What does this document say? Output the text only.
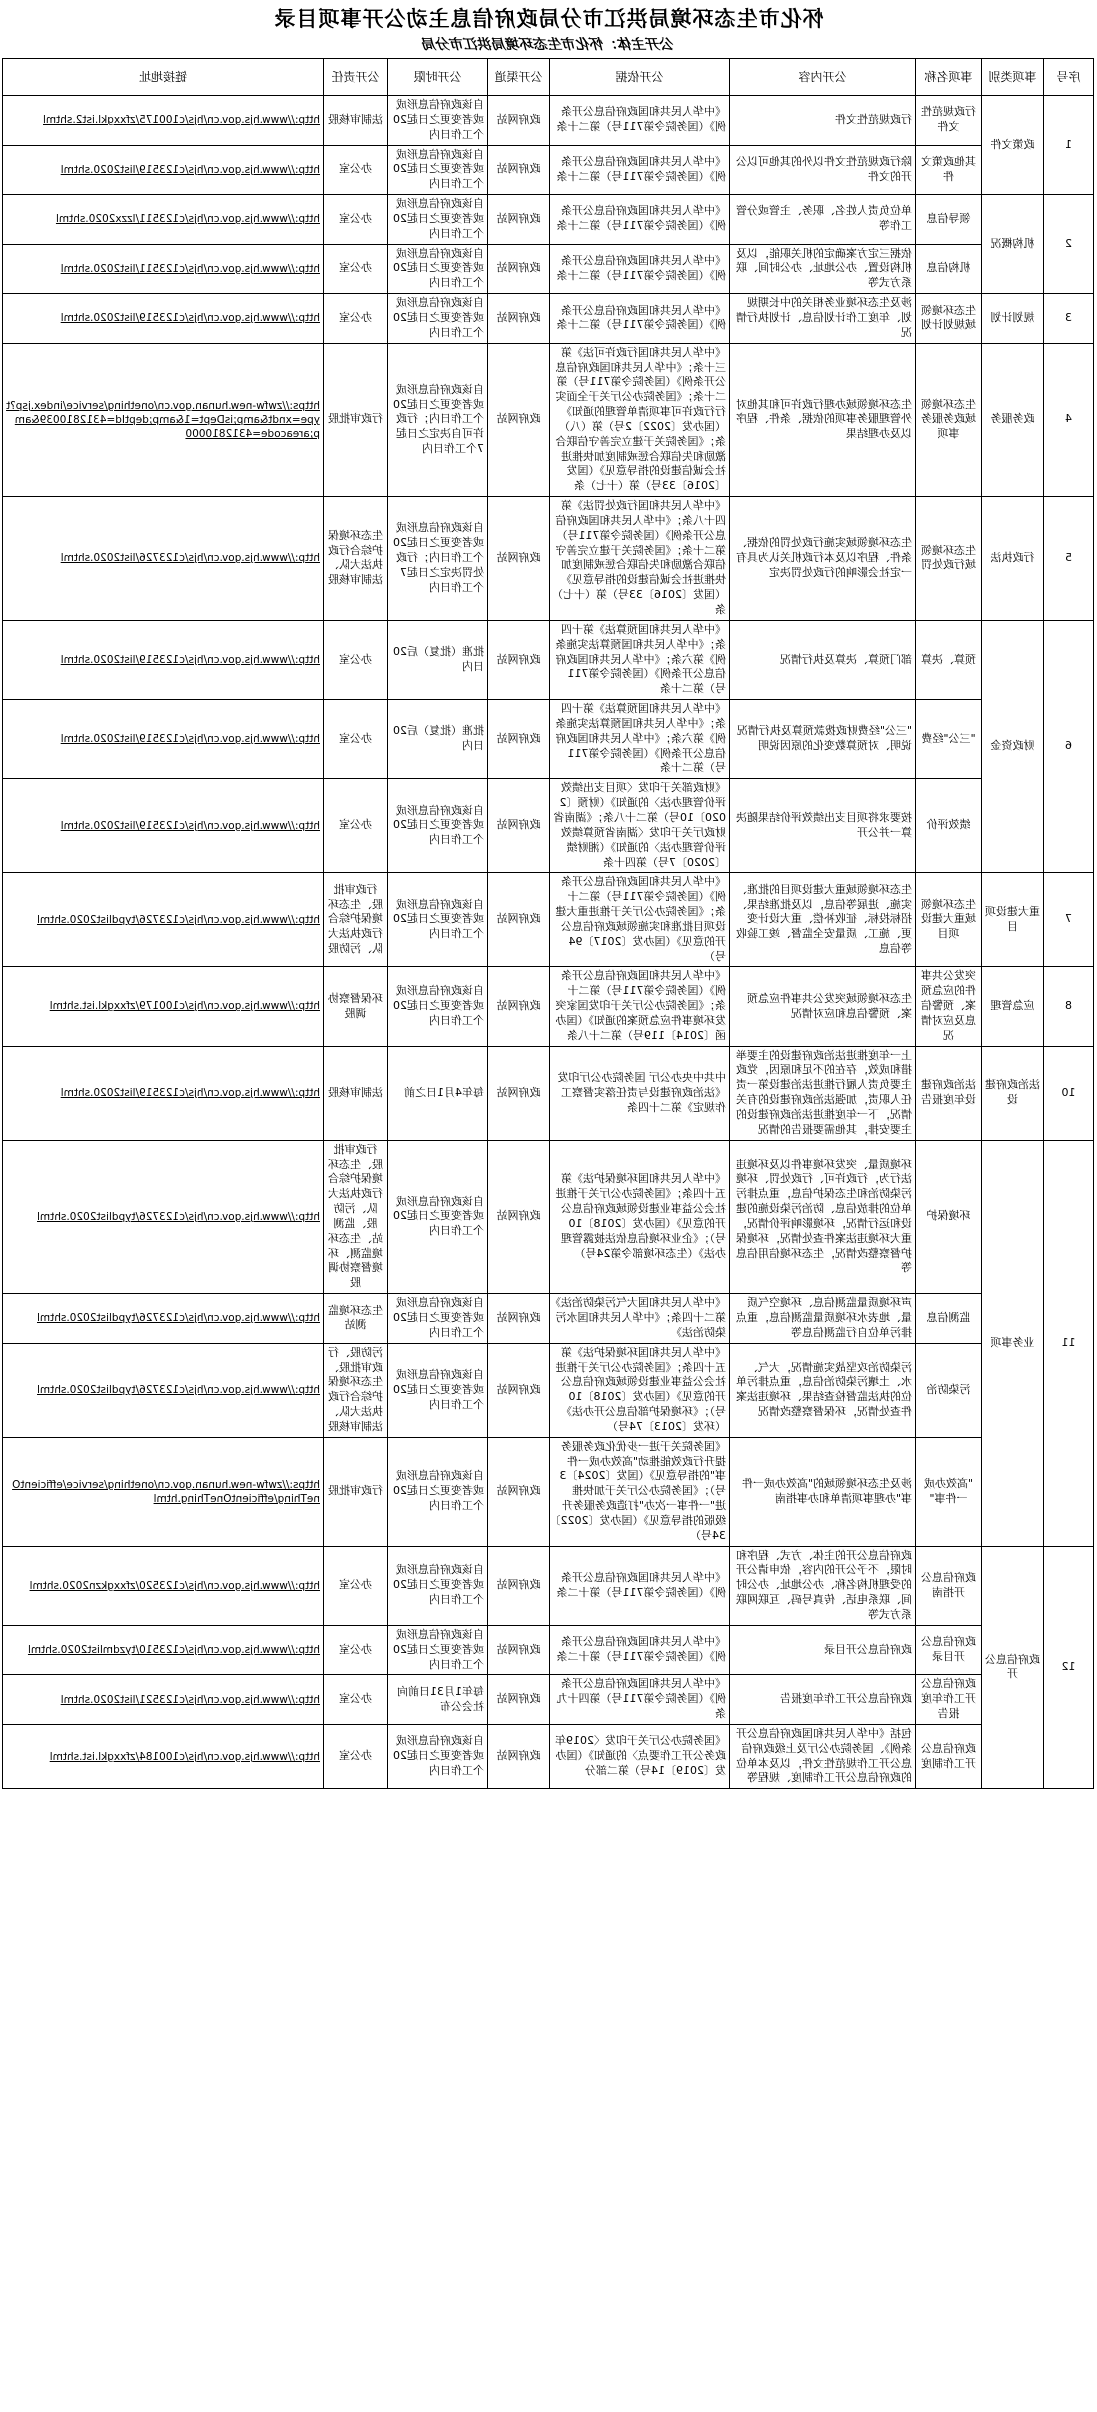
怀化市生态环境局洪江市分局政府信息主动公开事项目录
公开主体：怀化市生态环境局洪江市分局
序号	事项类别	事项名称	公开内容	公开依据	公开渠道	公开时限	公开责任	链接地址
1	政策文件	行政规范性文件	行政规范性文件	《中华人民共和国政府信息公开条例》（国务院令第711号）第二十条	政府网站	自该政府信息形成或者变更之日起20个工作日内	法制审核股	http://www.hjs.gov.cn/hjs/c100175/zfxxgkl.ist2.shtml
		其他政策文件	除行政规范性文件以外的其他可以公开的文件	《中华人民共和国政府信息公开条例》（国务院令第711号）第二十条	政府网站	自该政府信息形成或者变更之日起20个工作日内	办公室	http://www.hjs.gov.cn/hjs/c123519/list2020.shtml
2	机构概况	领导信息	单位负责人姓名、职务、主管或分管工作等	《中华人民共和国政府信息公开条例》（国务院令第711号）第二十条	政府网站	自该政府信息形成或者变更之日起20个工作日内	办公室	http://www.hjs.gov.cn/hjs/c123511/lzzx2020.shtml
		机构信息	依据三定方案确定的机关职能，以及机构设置、办公地址、办公时间、联系方式等	《中华人民共和国政府信息公开条例》（国务院令第711号）第二十条	政府网站	自该政府信息形成或者变更之日起20个工作日内	办公室	http://www.hjs.gov.cn/hjs/c123511/list2020.shtml
3	规划计划	生态环境领域规划计划	涉及生态环境业务相关的中长期规划、年度工作计划信息、计划执行情况	《中华人民共和国政府信息公开条例》（国务院令第711号）第二十条	政府网站	自该政府信息形成或者变更之日起20个工作日内	办公室	http://www.hjs.gov.cn/hjs/c123519/list2020.shtml
4	政务服务	生态环境领域政务服务事项	生态环境领域办理行政许可和其他对外管理服务事项的依据、条件、程序以及办理结果	《中华人民共和国行政许可法》第三十条；《中华人民共和国政府信息公开条例》（国务院令第711号）第二十条；《国务院办公厅关于全面实行行政许可事项清单管理的通知》（国办发〔2022〕2号）第（八）条；《国务院关于建立完善守信联合激励和失信联合惩戒制度加快推进社会诚信建设的指导意见》（国发〔2016〕33号）第（十七）条	政府网站	自该政府信息形成或者变更之日起20个工作日内；行政许可自决定之日起7个工作日内	行政审批股	https://zwfw-new.hunan.gov.cn/onething/service/index.jsp?type=xndt&amp;isDept=1&amp;deptId=4312810039&amp;areacode=4312810000
5	行政执法	生态环境领域行政处罚	生态环境领域实施行政处罚的依据、条件、程序以及本行政机关认为具有一定社会影响的行政处罚决定	《中华人民共和国行政处罚法》第四十八条；《中华人民共和国政府信息公开条例》（国务院令第711号）第二十条；《国务院关于建立完善守信联合激励和失信联合惩戒制度加快推进社会诚信建设的指导意见》（国发〔2016〕33号）第（十七）条	政府网站	自该政府信息形成或者变更之日起20个工作日内；行政处罚决定之日起7个工作日内	生态环境保护综合行政执法大队、法制审核股	http://www.hjs.gov.cn/hjs/c123726/list2020.shtml
6	财政资金	预算、决算	部门预算、决算及执行情况	《中华人民共和国预算法》第十四条；《中华人民共和国预算法实施条例》第六条；《中华人民共和国政府信息公开条例》（国务院令第711号）第二十条	政府网站	批准（批复）后20日内	办公室	http://www.hjs.gov.cn/hjs/c123519/list2020.shtml
		"三公"经费	"三公"经费财政拨款预算及执行情况说明、对预算数变化的原因说明	《中华人民共和国预算法》第十四条；《中华人民共和国预算法实施条例》第六条；《中华人民共和国政府信息公开条例》（国务院令第711号）第二十条	政府网站	批准（批复）后20日内	办公室	http://www.hjs.gov.cn/hjs/c123519/list2020.shtml
		绩效评价	按要求将项目支出绩效评价结果随决算一并公开	《财政部关于印发〈项目支出绩效评价管理办法〉的通知》（财预〔2020〕10号）第二十八条；《湖南省财政厅关于印发〈湖南省预算绩效评价管理办法〉的通知》（湘财绩〔2020〕7号）第四十条	政府网站	自该政府信息形成或者变更之日起20个工作日内	办公室	http://www.hjs.gov.cn/hjs/c123519/list2020.shtml
7	重大建设项目	生态环境领域重大建设项目	生态环境领域重大建设项目的批准、实施、进展等信息，以及批准结果、招标投标、征收补偿、重大设计变更、施工、质量安全监督、竣工验收等信息	《中华人民共和国政府信息公开条例》（国务院令第711号）第二十条；《国务院办公厅关于推进重大建设项目批准和实施领域政府信息公开的意见》（国办发〔2017〕94号）	政府网站	自该政府信息形成或者变更之日起20个工作日内	行政审批股、生态环境保护综合行政执法大队、污防股	http://www.hjs.gov.cn/hjs/c123726/typdlist2020.shtml
8	应急管理	突发公共事件的应急预案、预警信息及应对情况	生态环境领域突发公共事件应急预案、预警信息和应对情况	《中华人民共和国政府信息公开条例》（国务院令第711号）第二十条；《国务院办公厅关于印发国家突发环境事件应急预案的通知》（国办函〔2014〕119号）第二十八条	政府网站	自该政府信息形成或者变更之日起20个工作日内	环保督察协调股	http://www.hjs.gov.cn/hjs/c100179/zfxxgkl.ist.shtml
10	法治政府建设	法治政府建设年度报告	上一年度推进法治政府建设的主要举措和成效，存在的不足和原因，党政主要负责人履行推进法治建设第一责任人职责，加强法治政府建设的有关情况，下一年度推进法治政府建设的主要安排，其他需要报告的情况	中共中央办公厅 国务院办公厅印发《法治政府建设与责任落实督察工作规定》第二十四条	政府网站	每年4月1日之前	法制审核股	http://www.hjs.gov.cn/hjs/c123519/list2020.shtml
11	业务事项	环境保护	环境质量、突发环境事件以及环境违法行为，行政许可、行政处罚、环境污染防治和生态保护信息，重点排污单位的排放信息、防治污染设施的建设和运行情况，环境影响评价情况，重大环境违法案件查处情况，环境保护督察整改情况，生态环境信用信息等	《中华人民共和国环境保护法》第五十四条；《国务院办公厅关于推进社会公益事业建设领域政府信息公开的意见》（国办发〔2018〕10号）；《企业环境信息依法披露管理办法》（生态环境部令第24号）	政府网站	自该政府信息形成或者变更之日起20个工作日内	行政审批股、生态环境保护综合行政执法大队、污防股、监测站、生态环境监测、环境督察协调股	http://www.hjs.gov.cn/hjs/c123726/typdlist2020.shtml
		监测信息	声环境质量监测信息、环境空气质量、地表水环境质量监测信息，重点排污单位自行监测信息等	《中华人民共和国大气污染防治法》第二十四条；《中华人民共和国水污染防治法》	政府网站	自该政府信息形成或者变更之日起20个工作日内	生态环境监测站	http://www.hjs.gov.cn/hjs/c123726/typdlist2020.shtml
		污染防治	污染防治攻坚战实施情况，大气、水、土壤污染防治信息，重点排污单位的执法监督检查结果、环境违法案件查处情况，环保督察整改情况	《中华人民共和国环境保护法》第五十四条；《国务院办公厅关于推进社会公益事业建设领域政府信息公开的意见》（国办发〔2018〕10号）；《环境保护部信息公开办法》（环发〔2013〕74号）	政府网站	自该政府信息形成或者变更之日起20个工作日内	污防股、行政审批股、生态环境保护综合行政执法大队、法制审核股	http://www.hjs.gov.cn/hjs/c123726/typdlist2020.shtml
		"高效办成一件事"	涉及生态环境领域的"高效办成一件事"办理事项清单和办事指南	《国务院关于进一步优化政务服务提升行政效能推动"高效办成一件事"的指导意见》（国发〔2024〕3号）；《国务院办公厅关于加快推进"一件事一次办"打造政务服务升级版的指导意见》（国办发〔2022〕34号）	政府网站	自该政府信息形成或者变更之日起20个工作日内	行政审批股	https://zwfw-new.hunan.gov.cn/onething/service/efficientOneThing/efficientOneThing.html
12	政府信息公开	政府信息公开指南	政府信息公开的主体、方式、程序和时限，不予公开的内容，依申请公开的受理机构名称、办公地址、办公时间、联系电话、传真号码、互联网联系方式等	《中华人民共和国政府信息公开条例》（国务院令第711号）第十二条	政府网站	自该政府信息形成或者变更之日起20个工作日内	办公室	http://www.hjs.gov.cn/hjs/c123520/zfxxgkzn2020.shtml
		政府信息公开目录	政府信息公开目录	《中华人民共和国政府信息公开条例》（国务院令第711号）第十二条	政府网站	自该政府信息形成或者变更之日起20个工作日内	办公室	http://www.hjs.gov.cn/hjs/c123510/tyzdmlist2020.shtml
		政府信息公开工作年度报告	政府信息公开工作年度报告	《中华人民共和国政府信息公开条例》（国务院令第711号）第四十九条	政府网站	每年1月31日前向社会公布	办公室	http://www.hjs.gov.cn/hjs/c123521/list2020.shtml
		政府信息公开工作制度	包括《中华人民共和国政府信息公开条例》、国务院办公厅及上级政府信息公开工作规范性文件，以及本单位的政府信息公开工作制度、规程等	《国务院办公厅关于印发〈2019年政务公开工作要点〉的通知》（国办发〔2019〕14号）第二部分	政府网站	自该政府信息形成或者变更之日起20个工作日内	办公室	http://www.hjs.gov.cn/hjs/c100184/zfxxgkl.ist.shtml
